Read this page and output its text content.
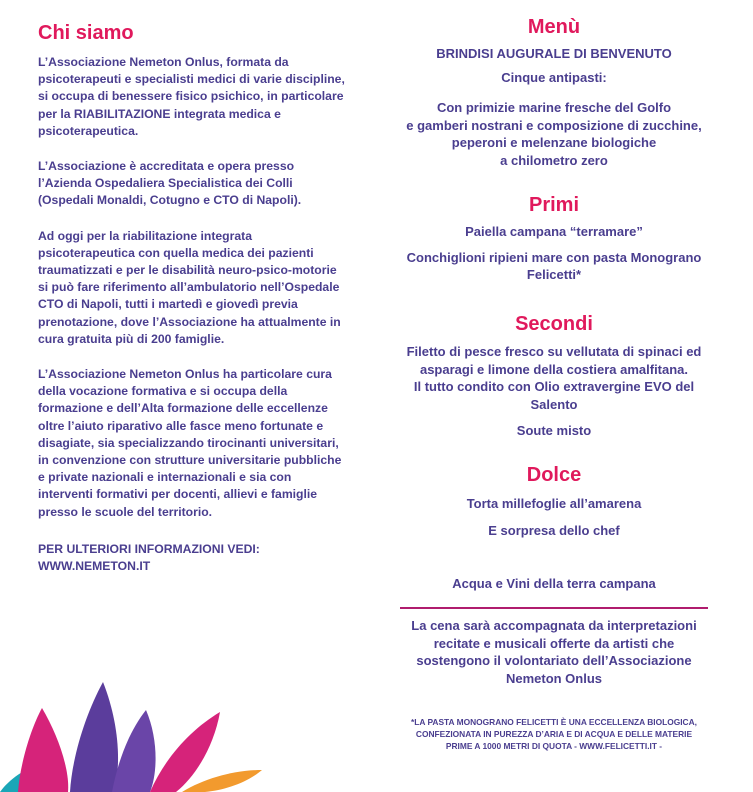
Chi siamo

L’Associazione Nemeton Onlus, formata da psicoterapeuti e specialisti medici di varie discipline, si occupa di benessere fisico psichico, in particolare per la RIABILITAZIONE integrata medica e psicoterapeutica.

L’Associazione è accreditata e opera presso l’Azienda Ospedaliera Specialistica dei Colli (Ospedali Monaldi, Cotugno e CTO di Napoli).

Ad oggi per la riabilitazione integrata psicoterapeutica con quella medica dei pazienti traumatizzati e per le disabilità neuro-psico-motorie si può fare riferimento all’ambulatorio nell’Ospedale CTO di Napoli, tutti i martedì e giovedì previa prenotazione, dove l’Associazione ha attualmente in cura gratuita più di 200 famiglie.

L’Associazione Nemeton Onlus ha particolare cura della vocazione formativa e si occupa della formazione e dell’Alta formazione delle eccellenze oltre l’aiuto riparativo alle fasce meno fortunate e disagiate, sia specializzando tirocinanti universitari, in convenzione con strutture universitarie pubbliche e private nazionali e internazionali e sia con interventi formativi per docenti, allievi e famiglie presso le scuole del territorio.

PER ULTERIORI INFORMAZIONI VEDI:
WWW.NEMETON.IT
Menù
BRINDISI AUGURALE DI BENVENUTO
Cinque antipasti:
Con primizie marine fresche del Golfo
e gamberi nostrani e composizione di zucchine,
peperoni e melenzane biologiche
a chilometro zero
Primi
Paiella campana “terramare”
Conchiglioni ripieni mare con pasta Monograno
Felicetti*
Secondi
Filetto di pesce fresco su vellutata di spinaci ed
asparagi e limone della costiera amalfitana.
Il tutto condito con Olio extravergine EVO del
Salento
Soute misto
Dolce
Torta millefoglie all’amarena
E sorpresa dello chef
Acqua e Vini della terra campana
La cena sarà accompagnata da interpretazioni
recitate e musicali offerte da artisti che
sostengono il volontariato dell’Associazione
Nemeton Onlus
*LA PASTA MONOGRANO FELICETTI È UNA ECCELLENZA BIOLOGICA,
CONFEZIONATA IN PUREZZA D’ARIA E DI ACQUA E DELLE MATERIE
PRIME A 1000 METRI DI QUOTA - WWW.FELICETTI.IT -
